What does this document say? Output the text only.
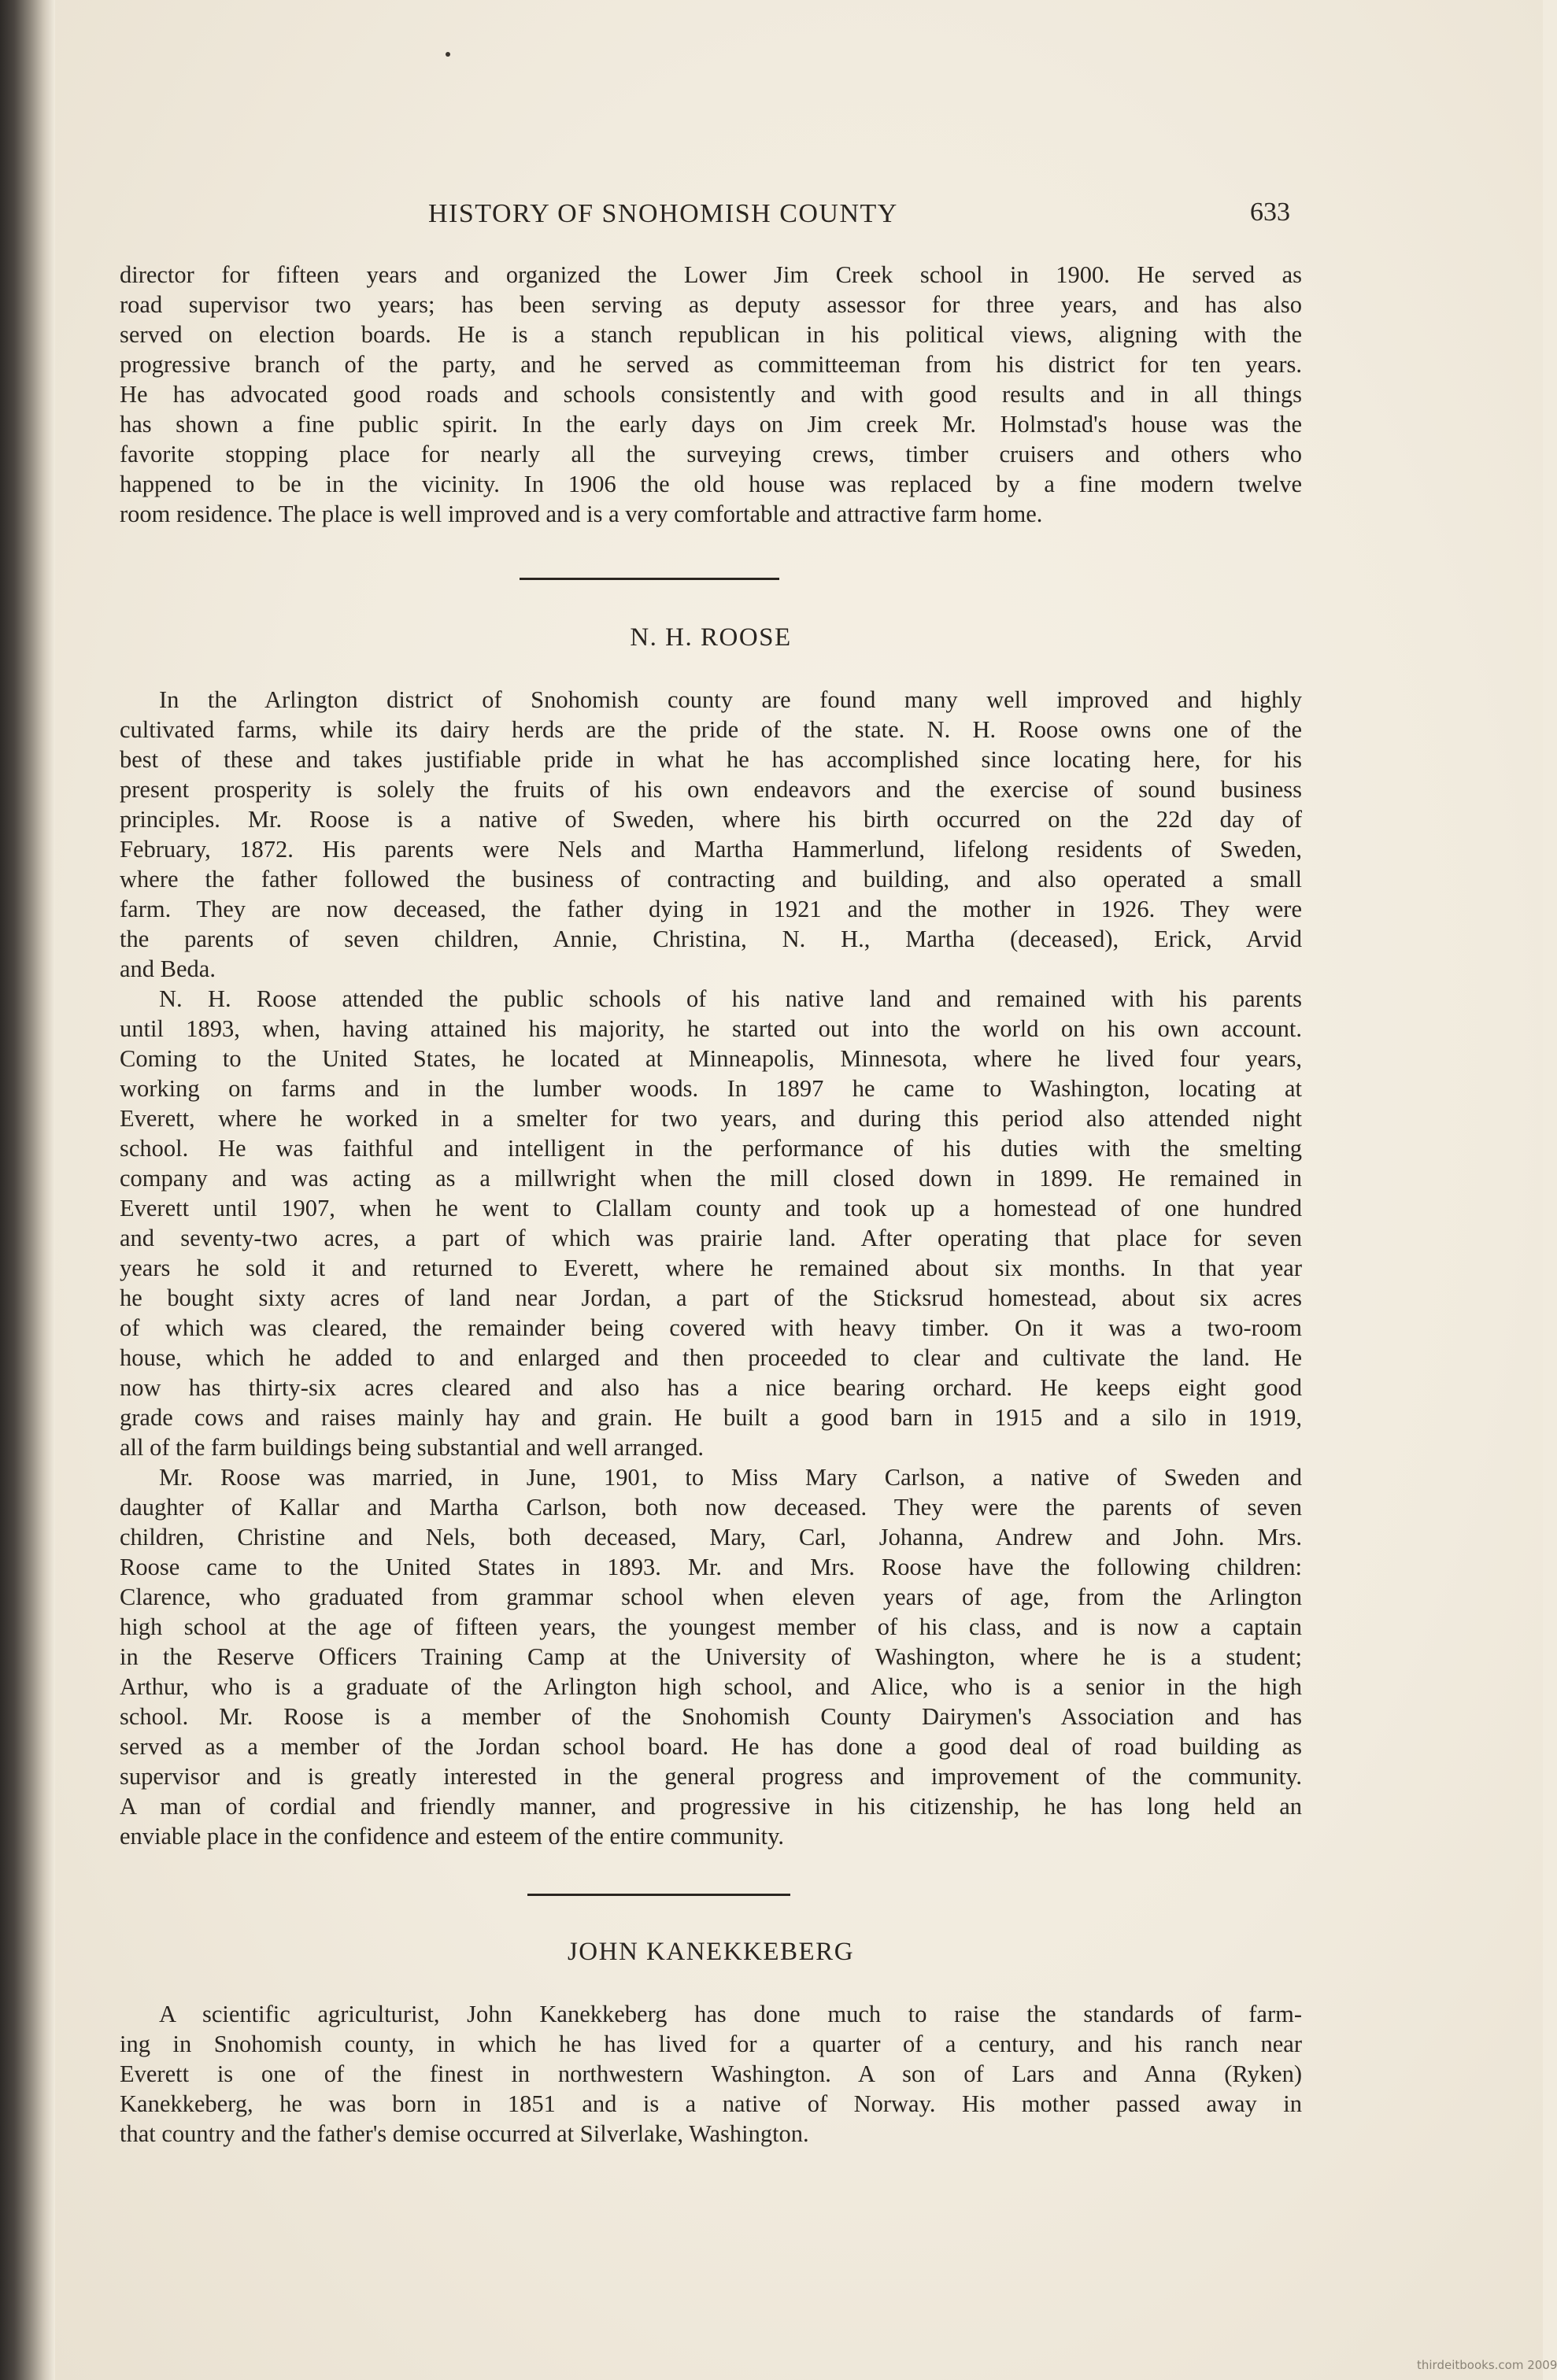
HISTORY OF SNOHOMISH COUNTY	633
director for fifteen years and organized the Lower Jim Creek school in 1900. He served as
road supervisor two years; has been serving as deputy assessor for three years, and has also
served on election boards. He is a stanch republican in his political views, aligning with the
progressive branch of the party, and he served as committeeman from his district for ten years.
He has advocated good roads and schools consistently and with good results and in all things
has shown a fine public spirit. In the early days on Jim creek Mr. Holmstad's house was the
favorite stopping place for nearly all the surveying crews, timber cruisers and others who
happened to be in the vicinity. In 1906 the old house was replaced by a fine modern twelve
room residence. The place is well improved and is a very comfortable and attractive farm home.
N. H. ROOSE
In the Arlington district of Snohomish county are found many well improved and highly
cultivated farms, while its dairy herds are the pride of the state. N. H. Roose owns one of the
best of these and takes justifiable pride in what he has accomplished since locating here, for his
present prosperity is solely the fruits of his own endeavors and the exercise of sound business
principles. Mr. Roose is a native of Sweden, where his birth occurred on the 22d day of
February, 1872. His parents were Nels and Martha Hammerlund, lifelong residents of Sweden,
where the father followed the business of contracting and building, and also operated a small
farm. They are now deceased, the father dying in 1921 and the mother in 1926. They were
the parents of seven children, Annie, Christina, N. H., Martha (deceased), Erick, Arvid
and Beda.
N. H. Roose attended the public schools of his native land and remained with his parents
until 1893, when, having attained his majority, he started out into the world on his own account.
Coming to the United States, he located at Minneapolis, Minnesota, where he lived four years,
working on farms and in the lumber woods. In 1897 he came to Washington, locating at
Everett, where he worked in a smelter for two years, and during this period also attended night
school. He was faithful and intelligent in the performance of his duties with the smelting
company and was acting as a millwright when the mill closed down in 1899. He remained in
Everett until 1907, when he went to Clallam county and took up a homestead of one hundred
and seventy-two acres, a part of which was prairie land. After operating that place for seven
years he sold it and returned to Everett, where he remained about six months. In that year
he bought sixty acres of land near Jordan, a part of the Sticksrud homestead, about six acres
of which was cleared, the remainder being covered with heavy timber. On it was a two-room
house, which he added to and enlarged and then proceeded to clear and cultivate the land. He
now has thirty-six acres cleared and also has a nice bearing orchard. He keeps eight good
grade cows and raises mainly hay and grain. He built a good barn in 1915 and a silo in 1919,
all of the farm buildings being substantial and well arranged.
Mr. Roose was married, in June, 1901, to Miss Mary Carlson, a native of Sweden and
daughter of Kallar and Martha Carlson, both now deceased. They were the parents of seven
children, Christine and Nels, both deceased, Mary, Carl, Johanna, Andrew and John. Mrs.
Roose came to the United States in 1893. Mr. and Mrs. Roose have the following children:
Clarence, who graduated from grammar school when eleven years of age, from the Arlington
high school at the age of fifteen years, the youngest member of his class, and is now a captain
in the Reserve Officers Training Camp at the University of Washington, where he is a student;
Arthur, who is a graduate of the Arlington high school, and Alice, who is a senior in the high
school. Mr. Roose is a member of the Snohomish County Dairymen's Association and has
served as a member of the Jordan school board. He has done a good deal of road building as
supervisor and is greatly interested in the general progress and improvement of the community.
A man of cordial and friendly manner, and progressive in his citizenship, he has long held an
enviable place in the confidence and esteem of the entire community.
JOHN KANEKKEBERG
A scientific agriculturist, John Kanekkeberg has done much to raise the standards of farm-
ing in Snohomish county, in which he has lived for a quarter of a century, and his ranch near
Everett is one of the finest in northwestern Washington. A son of Lars and Anna (Ryken)
Kanekkeberg, he was born in 1851 and is a native of Norway. His mother passed away in
that country and the father's demise occurred at Silverlake, Washington.
thirdeitbooks.com 2009
